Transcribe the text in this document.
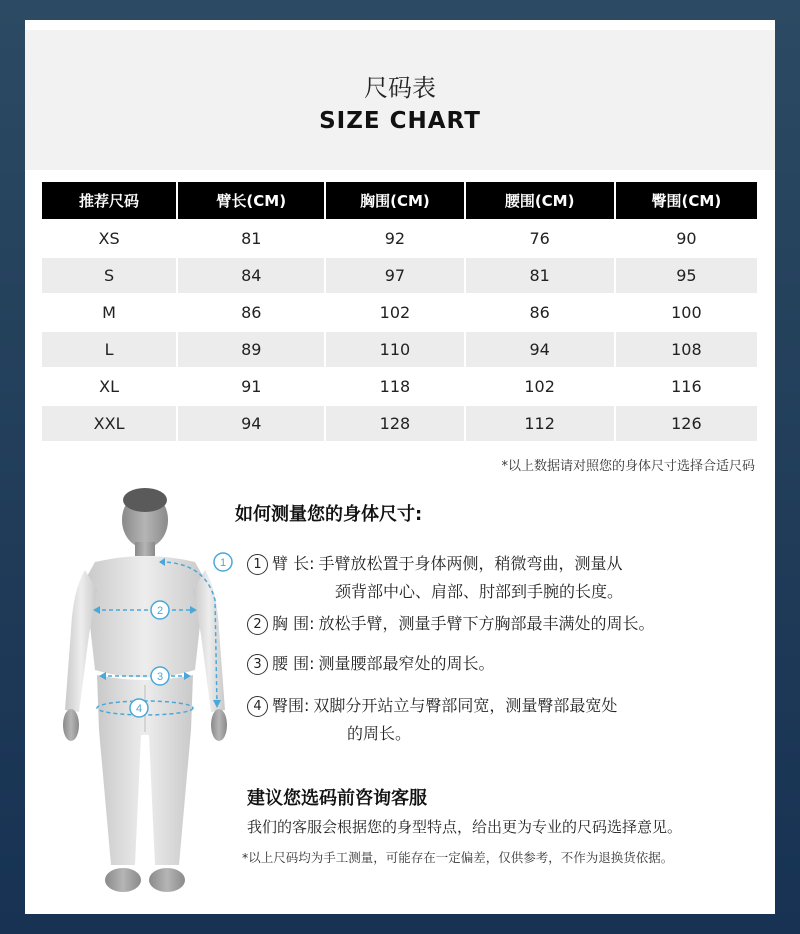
尺码表
SIZE CHART
推荐尺码	臂长(CM)	胸围(CM)	腰围(CM)	臀围(CM)
XS	81	92	76	90
S	84	97	81	95
M	86	102	86	100
L	89	110	94	108
XL	91	118	102	116
XXL	94	128	112	126
*以上数据请对照您的身体尺寸选择合适尺码
2
3
4
1
如何测量您的身体尺寸:
1 臂 长: 手臂放松置于身体两侧，稍微弯曲，测量从
颈背部中心、肩部、肘部到手腕的长度。
2 胸 围: 放松手臂，测量手臂下方胸部最丰满处的周长。
3 腰 围: 测量腰部最窄处的周长。
4 臀围: 双脚分开站立与臀部同宽，测量臀部最宽处
的周长。
建议您选码前咨询客服
我们的客服会根据您的身型特点，给出更为专业的尺码选择意见。
*以上尺码均为手工测量，可能存在一定偏差，仅供参考，不作为退换货依据。
